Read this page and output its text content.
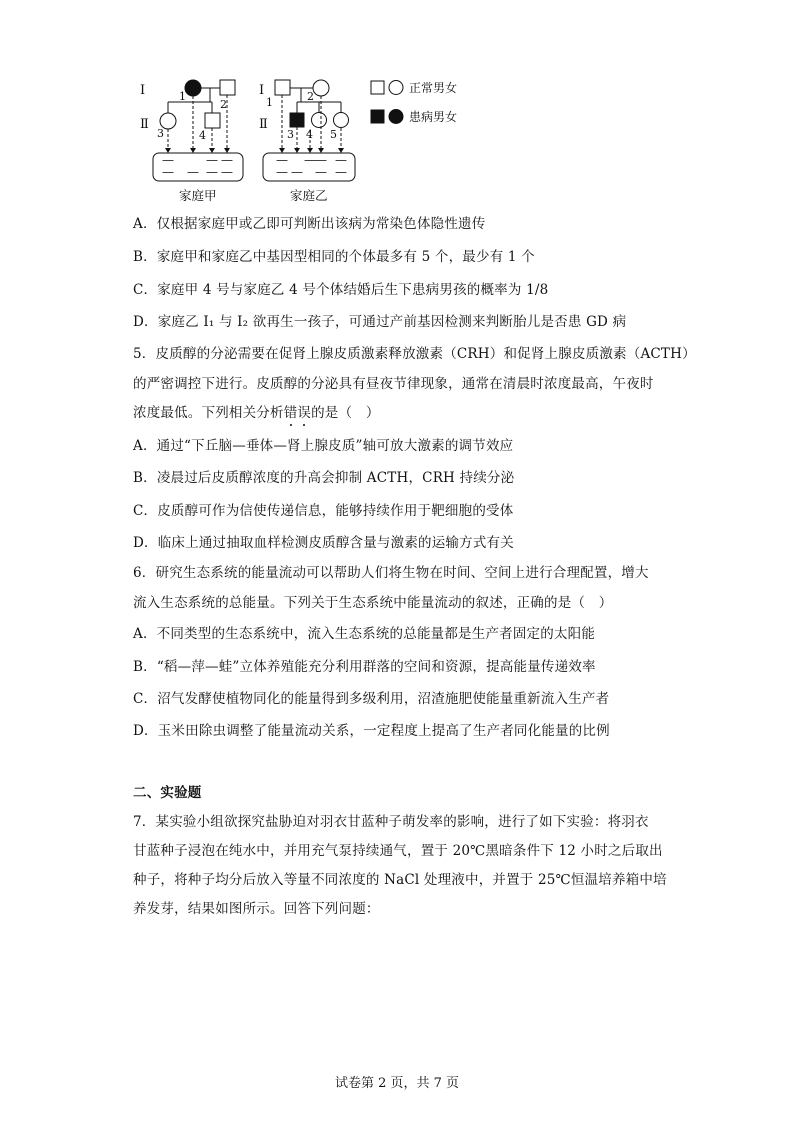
Ⅰ
Ⅱ
Ⅰ
Ⅱ
1
2
3	4
1	2
3 4 5
—
— —
—
—
—
—
—
— —
— —
—
—
—
家庭甲	家庭乙
正常男女
患病男女
A．仅根据家庭甲或乙即可判断出该病为常染色体隐性遗传
B．家庭甲和家庭乙中基因型相同的个体最多有 5 个，最少有 1 个
C．家庭甲 4 号与家庭乙 4 号个体结婚后生下患病男孩的概率为 1/8
D．家庭乙 Ⅰ₁ 与 Ⅰ₂ 欲再生一孩子，可通过产前基因检测来判断胎儿是否患 GD 病
5．皮质醇的分泌需要在促肾上腺皮质激素释放激素（CRH）和促肾上腺皮质激素（ACTH）
的严密调控下进行。皮质醇的分泌具有昼夜节律现象，通常在清晨时浓度最高，午夜时
浓度最低。下列相关分析错误的是（　）
A．通过“下丘脑—垂体—肾上腺皮质”轴可放大激素的调节效应
B．凌晨过后皮质醇浓度的升高会抑制 ACTH，CRH 持续分泌
C．皮质醇可作为信使传递信息，能够持续作用于靶细胞的受体
D．临床上通过抽取血样检测皮质醇含量与激素的运输方式有关
6．研究生态系统的能量流动可以帮助人们将生物在时间、空间上进行合理配置，增大
流入生态系统的总能量。下列关于生态系统中能量流动的叙述，正确的是（　）
A．不同类型的生态系统中，流入生态系统的总能量都是生产者固定的太阳能
B．“稻—萍—蛙”立体养殖能充分利用群落的空间和资源，提高能量传递效率
C．沼气发酵使植物同化的能量得到多级利用，沼渣施肥使能量重新流入生产者
D．玉米田除虫调整了能量流动关系，一定程度上提高了生产者同化能量的比例
二、实验题
7．某实验小组欲探究盐胁迫对羽衣甘蓝种子萌发率的影响，进行了如下实验：将羽衣
甘蓝种子浸泡在纯水中，并用充气泵持续通气，置于 20℃黑暗条件下 12 小时之后取出
种子，将种子均分后放入等量不同浓度的 NaCl 处理液中，并置于 25℃恒温培养箱中培
养发芽，结果如图所示。回答下列问题：
试卷第 2 页，共 7 页
